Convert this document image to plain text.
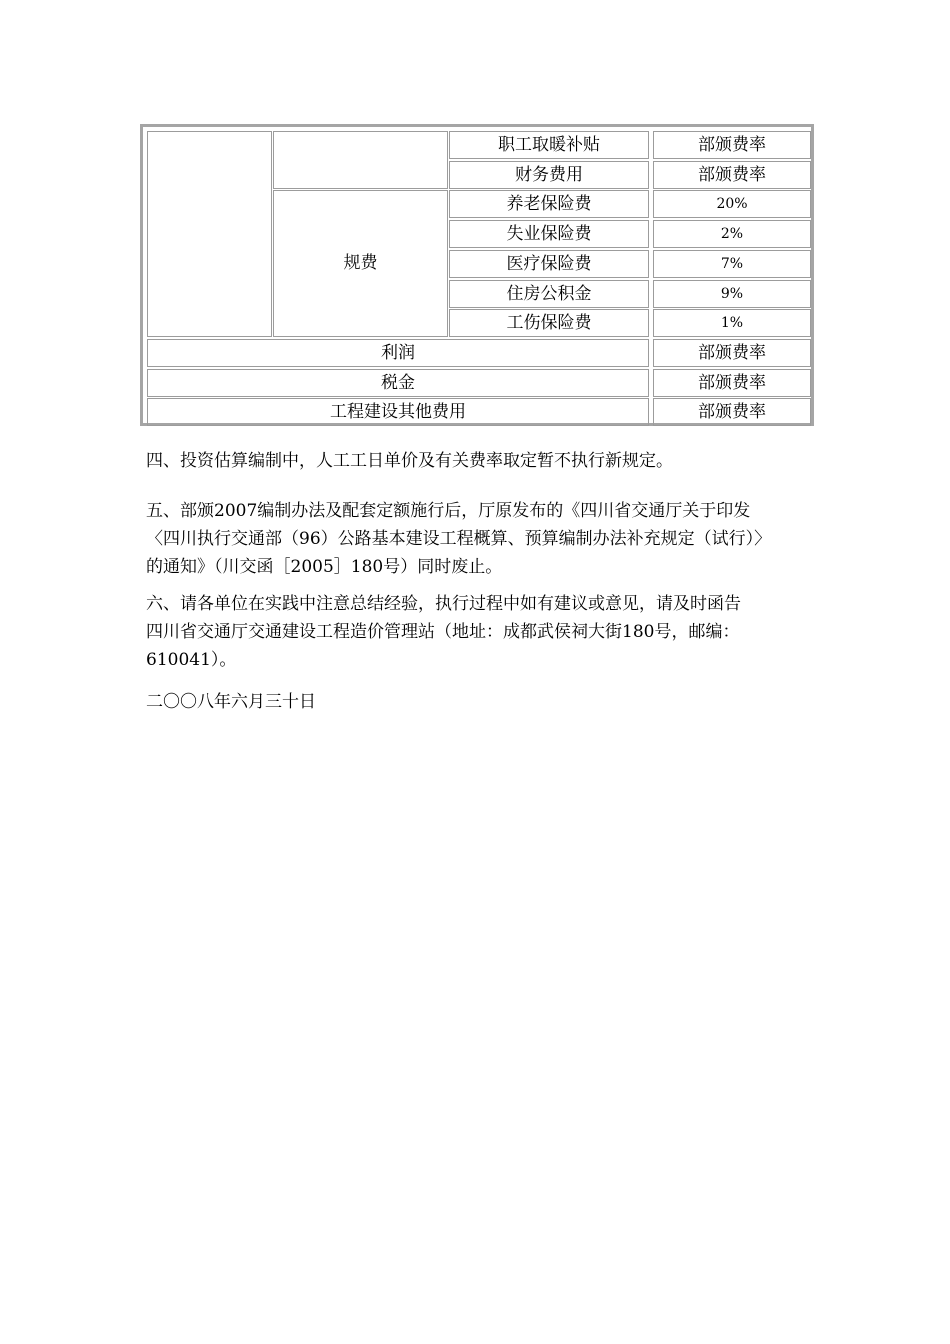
规费
职工取暖补贴	部颁费率
财务费用	部颁费率
养老保险费	20%
失业保险费	2%
医疗保险费	7%
住房公积金	9%
工伤保险费	1%
利润	部颁费率
税金	部颁费率
工程建设其他费用	部颁费率
四、投资估算编制中，人工工日单价及有关费率取定暂不执行新规定。
五、部颁2007编制办法及配套定额施行后，厅原发布的《四川省交通厅关于印发
〈四川执行交通部（96）公路基本建设工程概算、预算编制办法补充规定（试行）〉
的通知》（川交函［2005］180号）同时废止。
六、请各单位在实践中注意总结经验，执行过程中如有建议或意见，请及时函告
四川省交通厅交通建设工程造价管理站（地址：成都武侯祠大街180号，邮编：
610041）。
二〇〇八年六月三十日
